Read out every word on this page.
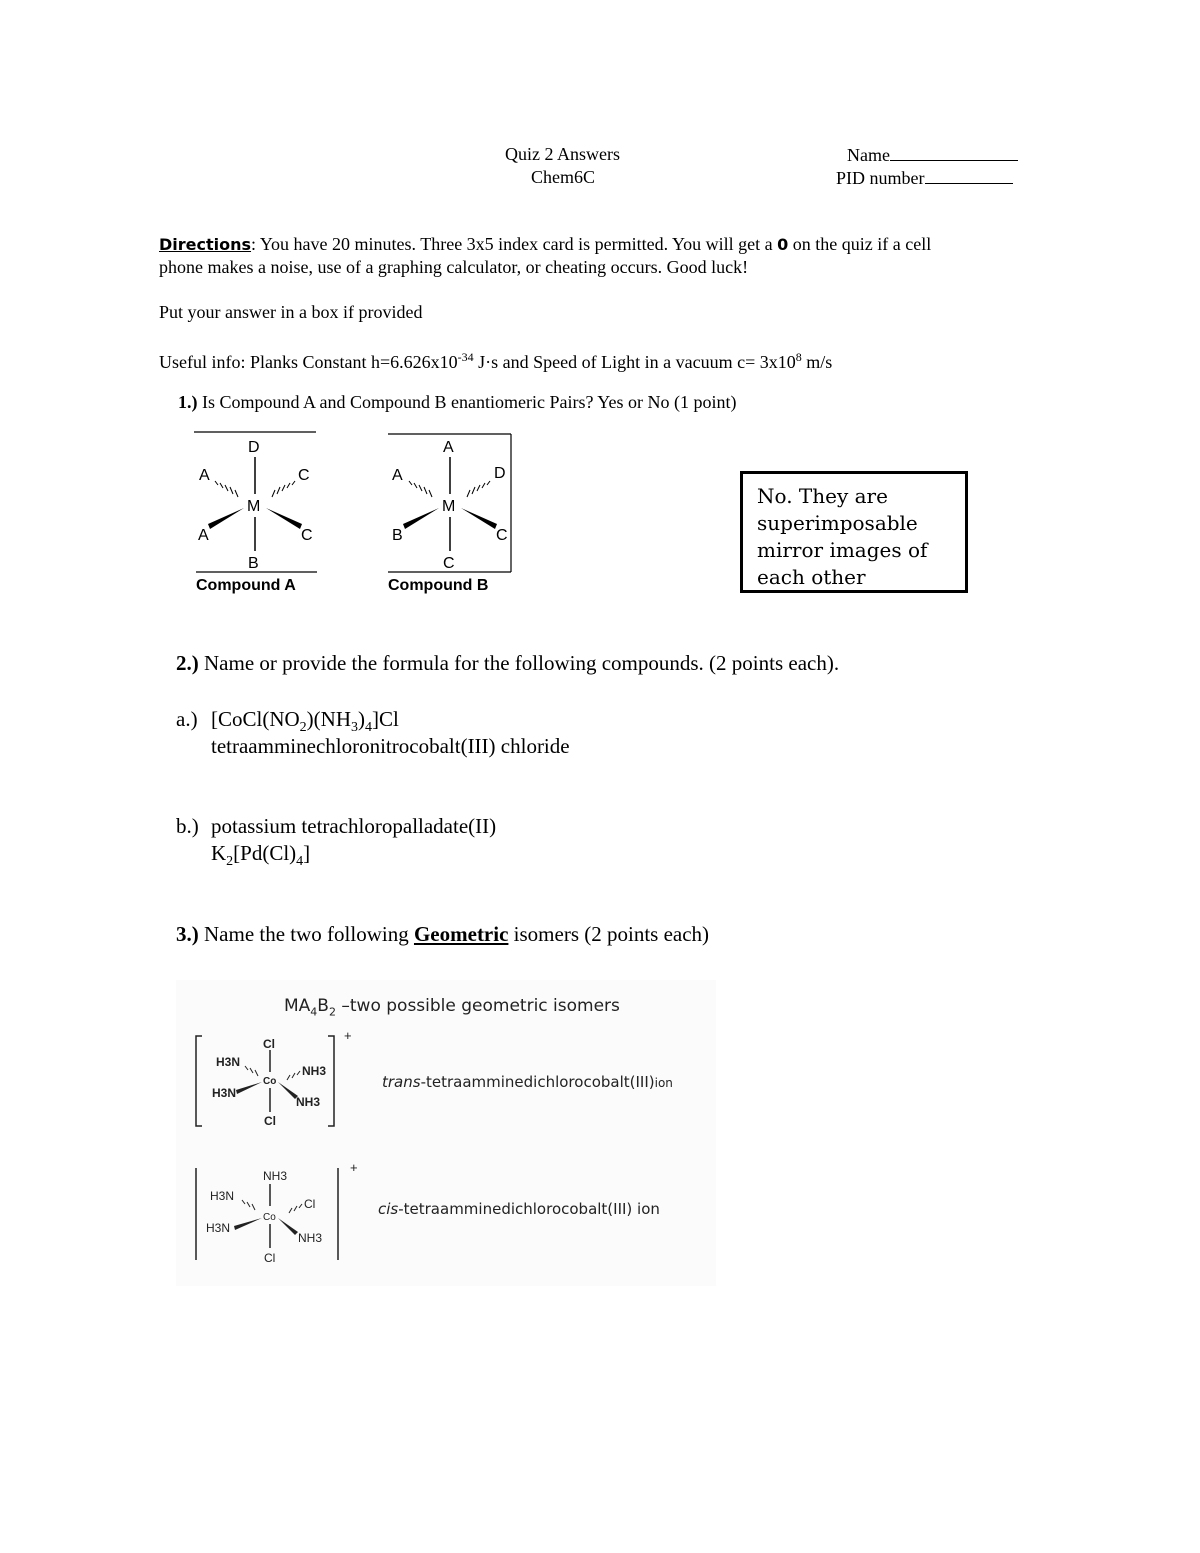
Quiz 2 Answers
Chem6C
Name
PID number
Directions: You have 20 minutes. Three 3x5 index card is permitted. You will get a 0 on the quiz if a cell
phone makes a noise, use of a graphing calculator, or cheating occurs. Good luck!
Put your answer in a box if provided
Useful info: Planks Constant $h=6.626x10^{-34}$ J·s and Speed of Light in a vacuum $c= 3x10^8$ m/s
1.) Is Compound A and Compound B enantiomeric Pairs? Yes or No (1 point)
D
A	C
M
A	C
B
Compound A
A
A	D
M
B	C
C
Compound B
No. They are
superimposable
mirror images of
each other
2.) Name or provide the formula for the following compounds. (2 points each).
a.) $[CoCl(NO_2)(NH_3)_4]Cl$
tetraamminechloronitrocobalt(III) chloride
b.) potassium tetrachloropalladate(II)
$K_2[Pd(Cl)_4]$
3.) Name the two following Geometric isomers (2 points each)
$MA_4B_2$ –two possible geometric isomers
+
Cl
H3N
Co
NH3
H3N
NH3
Cl
trans-tetraamminedichlorocobalt(III)ion
+
NH3
H3N
Co
Cl
H3N
NH3
Cl
cis-tetraamminedichlorocobalt(III) ion
